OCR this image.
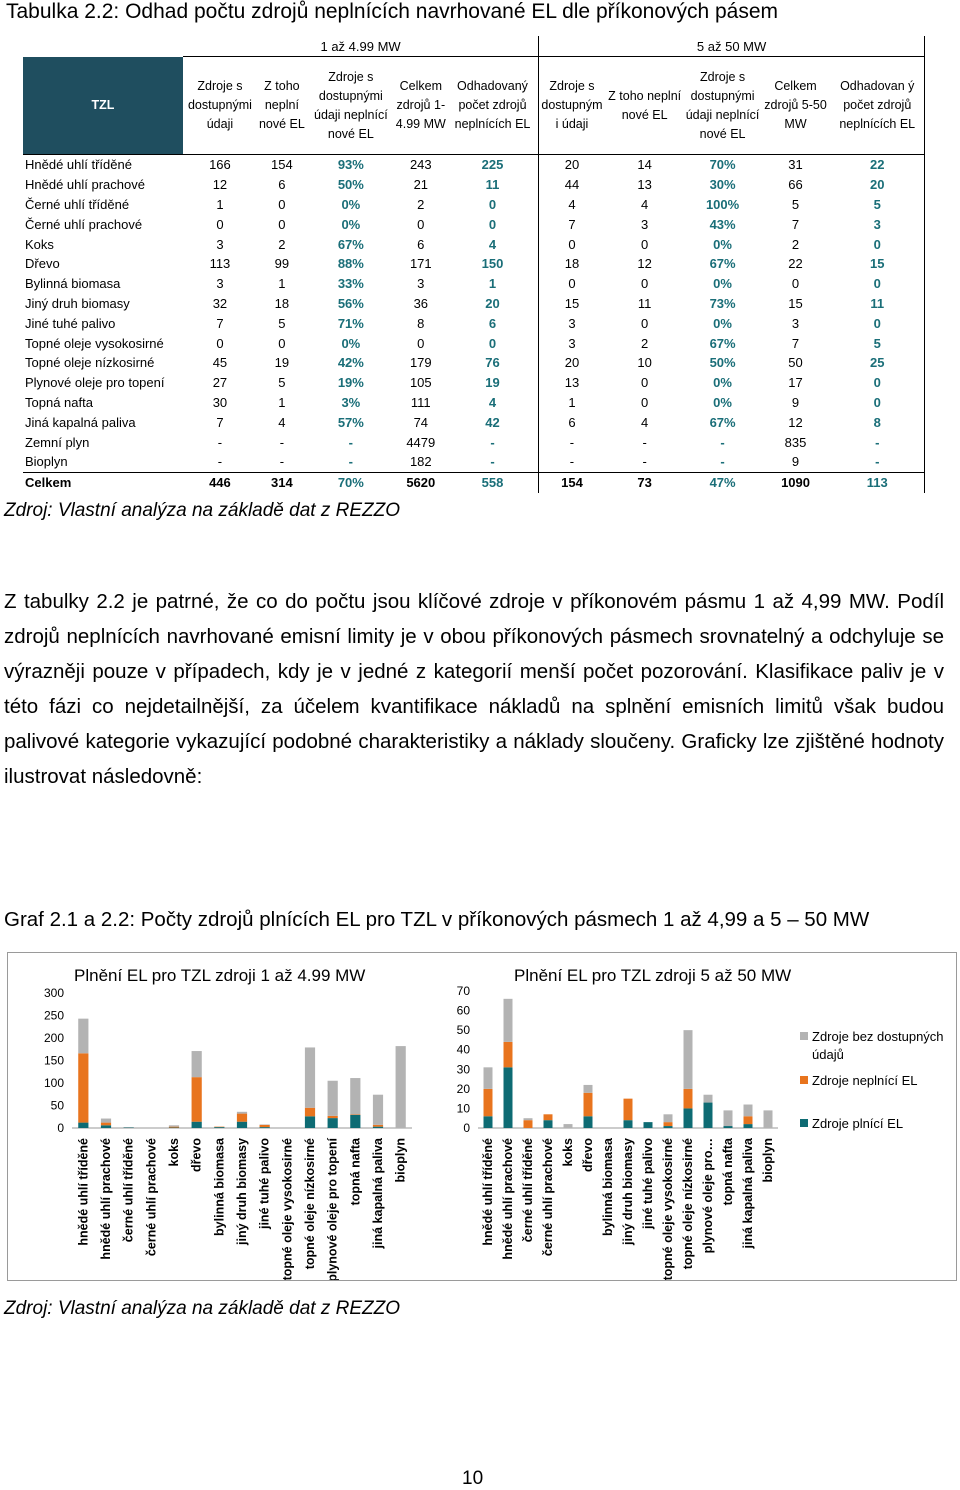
Tabulka 2.2: Odhad počtu zdrojů neplnících navrhované EL dle příkonových pásem
	1 až 4.99 MW					5 až 50 MW				
TZL	Zdroje s dostupnými údaji	Z toho neplní nové EL	Zdroje s dostupnými údaji neplnící nové EL	Celkem zdrojů 1-4.99 MW	Odhadovaný počet zdrojů neplnících EL	Zdroje s dostupným i údaji	Z toho neplní nové EL	Zdroje s dostupnými údaji neplnící nové EL	Celkem zdrojů 5-50 MW	Odhadovan ý počet zdrojů neplnících EL
Hnědé uhlí tříděné	166	154	93%	243	225	20	14	70%	31	22
Hnědé uhlí prachové	12	6	50%	21	11	44	13	30%	66	20
Černé uhlí tříděné	1	0	0%	2	0	4	4	100%	5	5
Černé uhlí prachové	0	0	0%	0	0	7	3	43%	7	3
Koks	3	2	67%	6	4	0	0	0%	2	0
Dřevo	113	99	88%	171	150	18	12	67%	22	15
Bylinná biomasa	3	1	33%	3	1	0	0	0%	0	0
Jiný druh biomasy	32	18	56%	36	20	15	11	73%	15	11
Jiné tuhé palivo	7	5	71%	8	6	3	0	0%	3	0
Topné oleje vysokosirné	0	0	0%	0	0	3	2	67%	7	5
Topné oleje nízkosirné	45	19	42%	179	76	20	10	50%	50	25
Plynové oleje pro topení	27	5	19%	105	19	13	0	0%	17	0
Topná nafta	30	1	3%	111	4	1	0	0%	9	0
Jiná kapalná paliva	7	4	57%	74	42	6	4	67%	12	8
Zemní plyn	-	-	-	4479	-	-	-	-	835	-
Bioplyn	-	-	-	182	-	-	-	-	9	-
Celkem	446	314	70%	5620	558	154	73	47%	1090	113
Zdroj: Vlastní analýza na základě dat z REZZO
Z tabulky 2.2 je patrné, že co do počtu jsou klíčové zdroje v příkonovém pásmu 1 až 4,99 MW. Podíl zdrojů neplnících navrhované emisní limity je v obou příkonových pásmech srovnatelný a odchyluje se výrazněji pouze v případech, kdy je v jedné z kategorií menší počet pozorování. Klasifikace paliv je v této fázi co nejdetailnější, za účelem kvantifikace nákladů na splnění emisních limitů však budou palivové kategorie vykazující podobné charakteristiky a náklady sloučeny. Graficky lze zjištěné hodnoty ilustrovat následovně:
Graf 2.1 a 2.2: Počty zdrojů plnících EL pro TZL v příkonových pásmech 1 až 4,99 a 5 – 50 MW
Plnění EL pro TZL zdroji 1 až 4.99 MW
0
50
100
150
200
250
300
hnědé uhlí tříděné hnědé uhlí prachové černé uhlí tříděné černé uhlí prachové koks dřevo bylinná biomasa jiný druh biomasy jiné tuhé palivo topné oleje vysokosirné topné oleje nízkosirné plynové oleje pro topení topná nafta jiná kapalná paliva bioplyn
Plnění EL pro TZL zdroji 5 až 50 MW
0
10
20
30
40
50
60
70
hnědé uhlí tříděné hnědé uhlí prachové černé uhlí tříděné černé uhlí prachové koks dřevo bylinná biomasa jiný druh biomasy jiné tuhé palivo topné oleje vysokosirné topné oleje nízkosirné plynové oleje pro… topná nafta jiná kapalná paliva bioplyn
Zdroje bez dostupných
údajů
Zdroje neplnící EL
Zdroje plnící EL
Zdroj: Vlastní analýza na základě dat z REZZO
10
